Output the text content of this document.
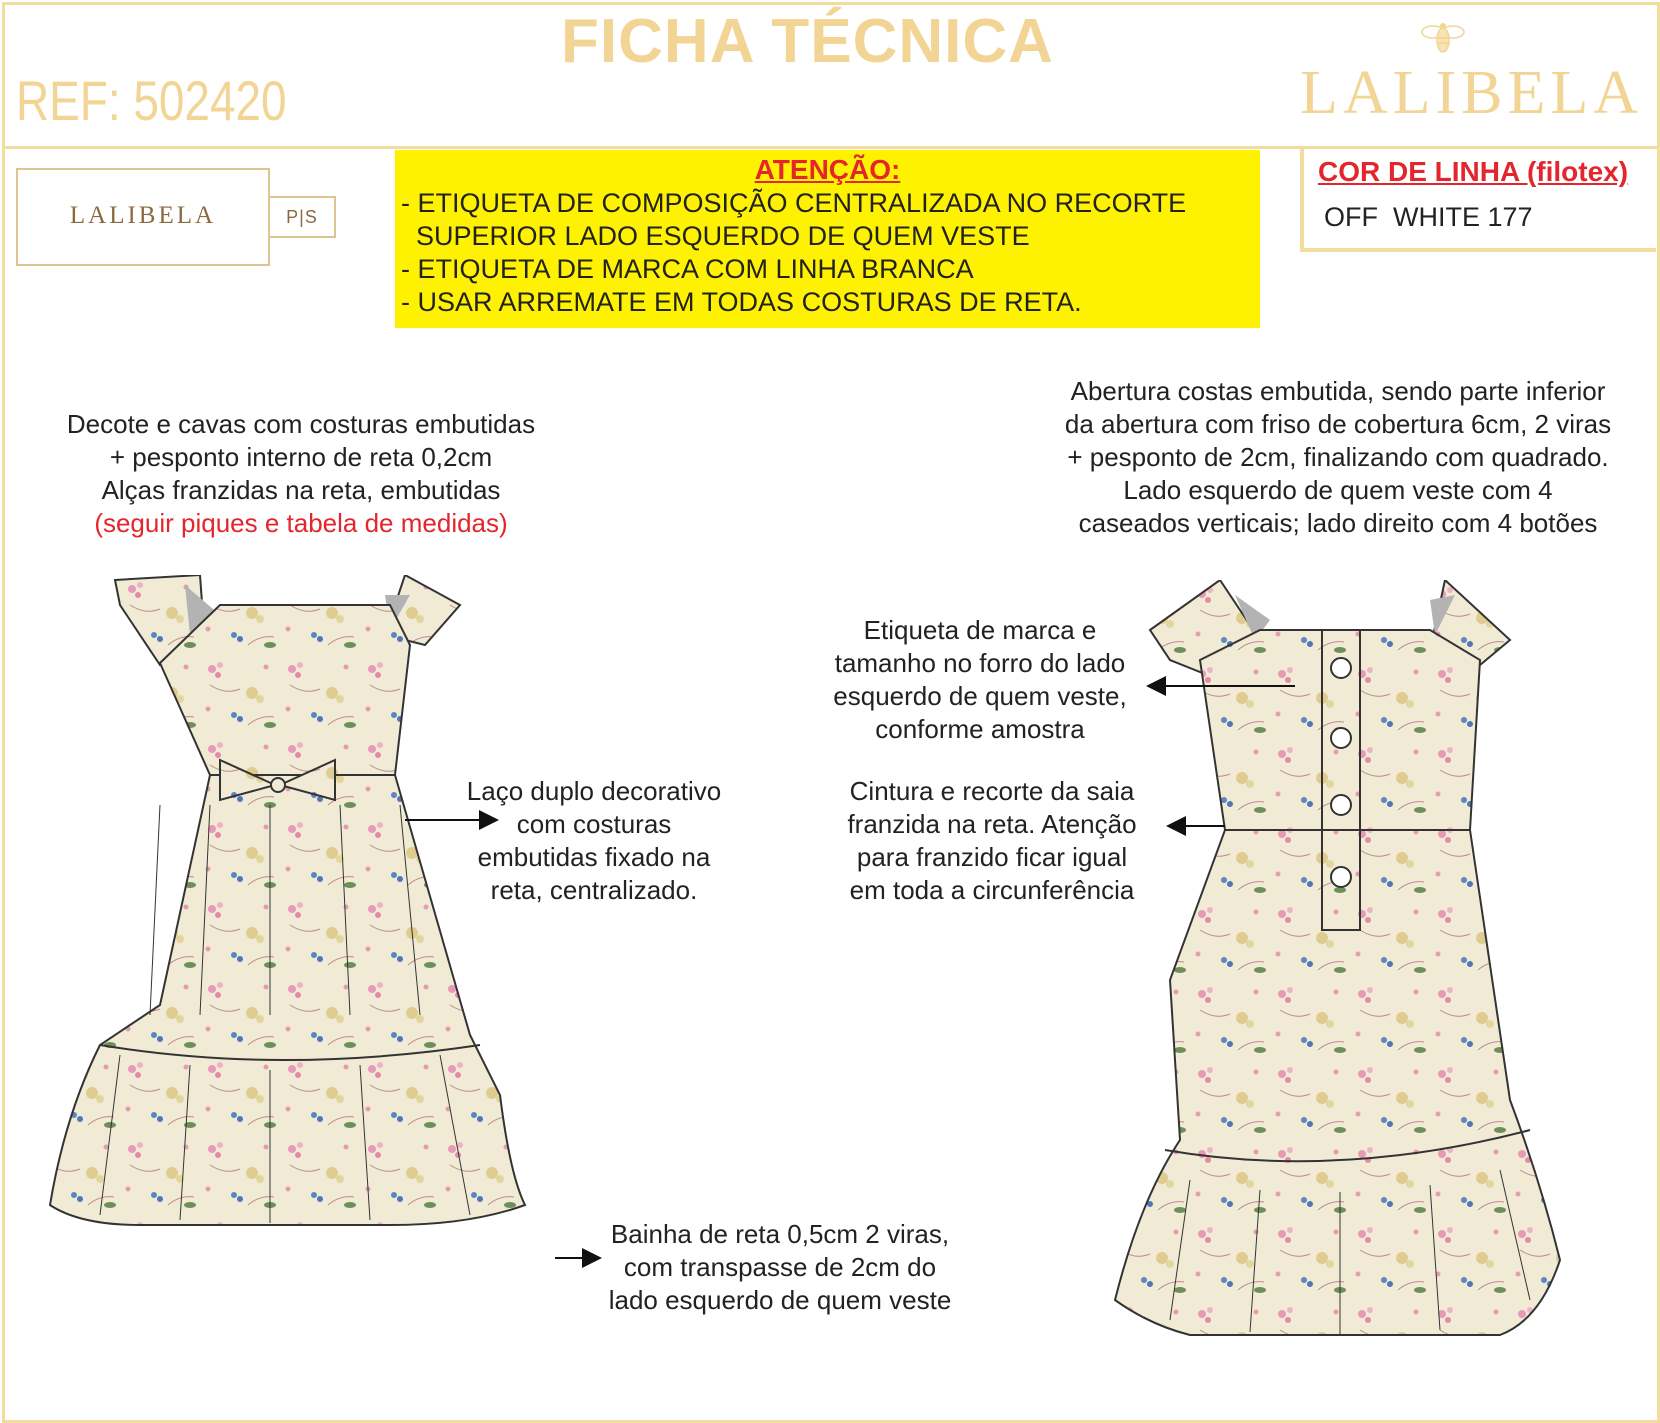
FICHA TÉCNICA
REF: 502420	LALIBELA
LALIBELA	P|S
ATENÇÃO:
- ETIQUETA DE COMPOSIÇÃO CENTRALIZADA NO RECORTE
SUPERIOR LADO ESQUERDO DE QUEM VESTE
- ETIQUETA DE MARCA COM LINHA BRANCA
- USAR ARREMATE EM TODAS COSTURAS DE RETA.
COR DE LINHA (filotex)
OFF  WHITE 177
Decote e cavas com costuras embutidas
+ pesponto interno de reta 0,2cm
Alças franzidas na reta, embutidas
(seguir piques e tabela de medidas)
Abertura costas embutida, sendo parte inferior
da abertura com friso de cobertura 6cm, 2 viras
+ pesponto de 2cm, finalizando com quadrado.
Lado esquerdo de quem veste com 4
caseados verticais; lado direito com 4 botões
Etiqueta de marca e
tamanho no forro do lado
esquerdo de quem veste,
conforme amostra
Laço duplo decorativo
com costuras
embutidas fixado na
reta, centralizado.
Cintura e recorte da saia
franzida na reta. Atenção
para franzido ficar igual
em toda a circunferência
Bainha de reta 0,5cm 2 viras,
com transpasse de 2cm do
lado esquerdo de quem veste
